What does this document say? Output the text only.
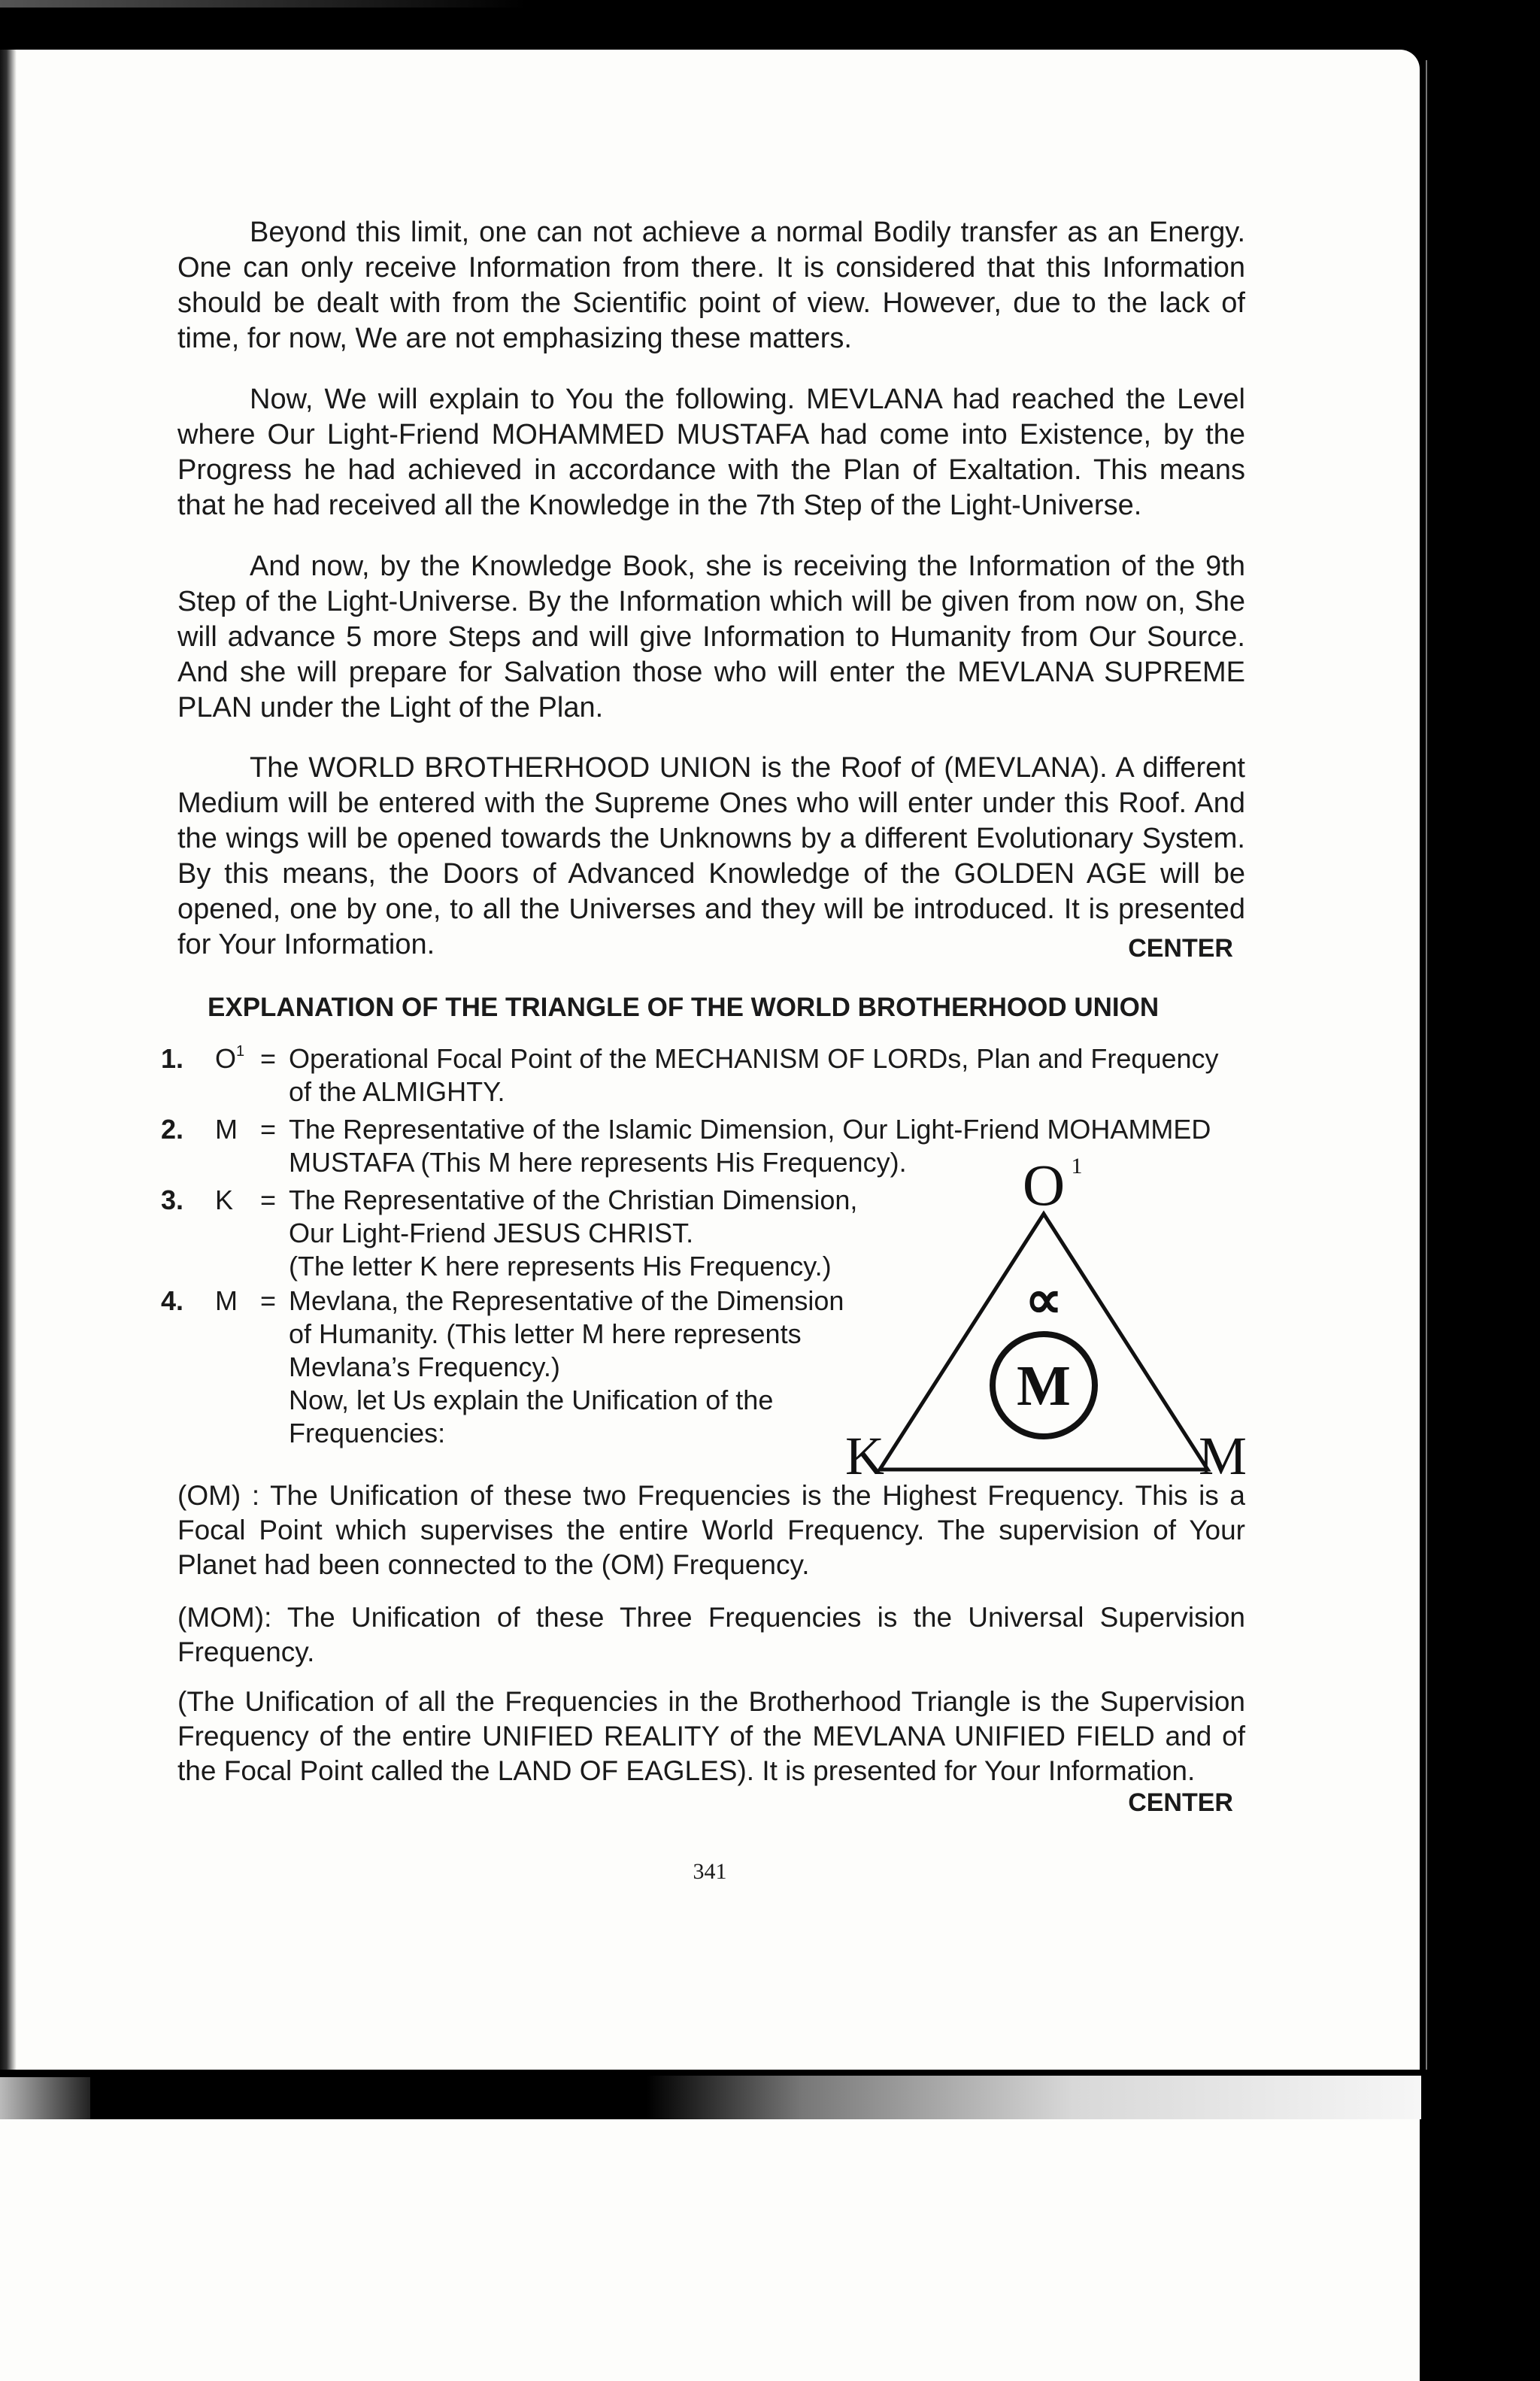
Beyond this limit, one can not achieve a normal Bodily transfer as an Energy. One can only receive Information from there. It is considered that this Information should be dealt with from the Scientific point of view. However, due to the lack of time, for now, We are not emphasizing these matters.

Now, We will explain to You the following. MEVLANA had reached the Level where Our Light-Friend MOHAMMED MUSTAFA had come into Existence, by the Progress he had achieved in accordance with the Plan of Exaltation. This means that he had received all the Knowledge in the 7th Step of the Light-Universe.

And now, by the Knowledge Book, she is receiving the Information of the 9th Step of the Light-Universe. By the Information which will be given from now on, She will advance 5 more Steps and will give Information to Humanity from Our Source. And she will prepare for Salvation those who will enter the MEVLANA SUPREME PLAN under the Light of the Plan.

The WORLD BROTHERHOOD UNION is the Roof of (MEVLANA). A different Medium will be entered with the Supreme Ones who will enter under this Roof. And the wings will be opened towards the Unknowns by a different Evolutionary System. By this means, the Doors of Advanced Knowledge of the GOLDEN AGE will be opened, one by one, to all the Universes and they will be introduced. It is presented for Your Information.	CENTER

EXPLANATION OF THE TRIANGLE OF THE WORLD BROTHERHOOD UNION

1. $O^1$ = Operational Focal Point of the MECHANISM OF LORDs, Plan and Frequency
of the ALMIGHTY.
2. M = The Representative of the Islamic Dimension, Our Light-Friend MOHAMMED
MUSTAFA (This M here represents His Frequency).
3. K = The Representative of the Christian Dimension,
Our Light-Friend JESUS CHRIST.
(The letter K here represents His Frequency.)
4. M = Mevlana, the Representative of the Dimension
of Humanity. (This letter M here represents
Mevlana’s Frequency.)
Now, let Us explain the Unification of the
Frequencies:
O 1
∝
M
K	M

(OM) : The Unification of these two Frequencies is the Highest Frequency. This is a Focal Point which supervises the entire World Frequency. The supervision of Your Planet had been connected to the (OM) Frequency.

(MOM): The Unification of these Three Frequencies is the Universal Supervision Frequency.

(The Unification of all the Frequencies in the Brotherhood Triangle is the Supervision Frequency of the entire UNIFIED REALITY of the MEVLANA UNIFIED FIELD and of the Focal Point called the LAND OF EAGLES). It is presented for Your Information.

CENTER

341
